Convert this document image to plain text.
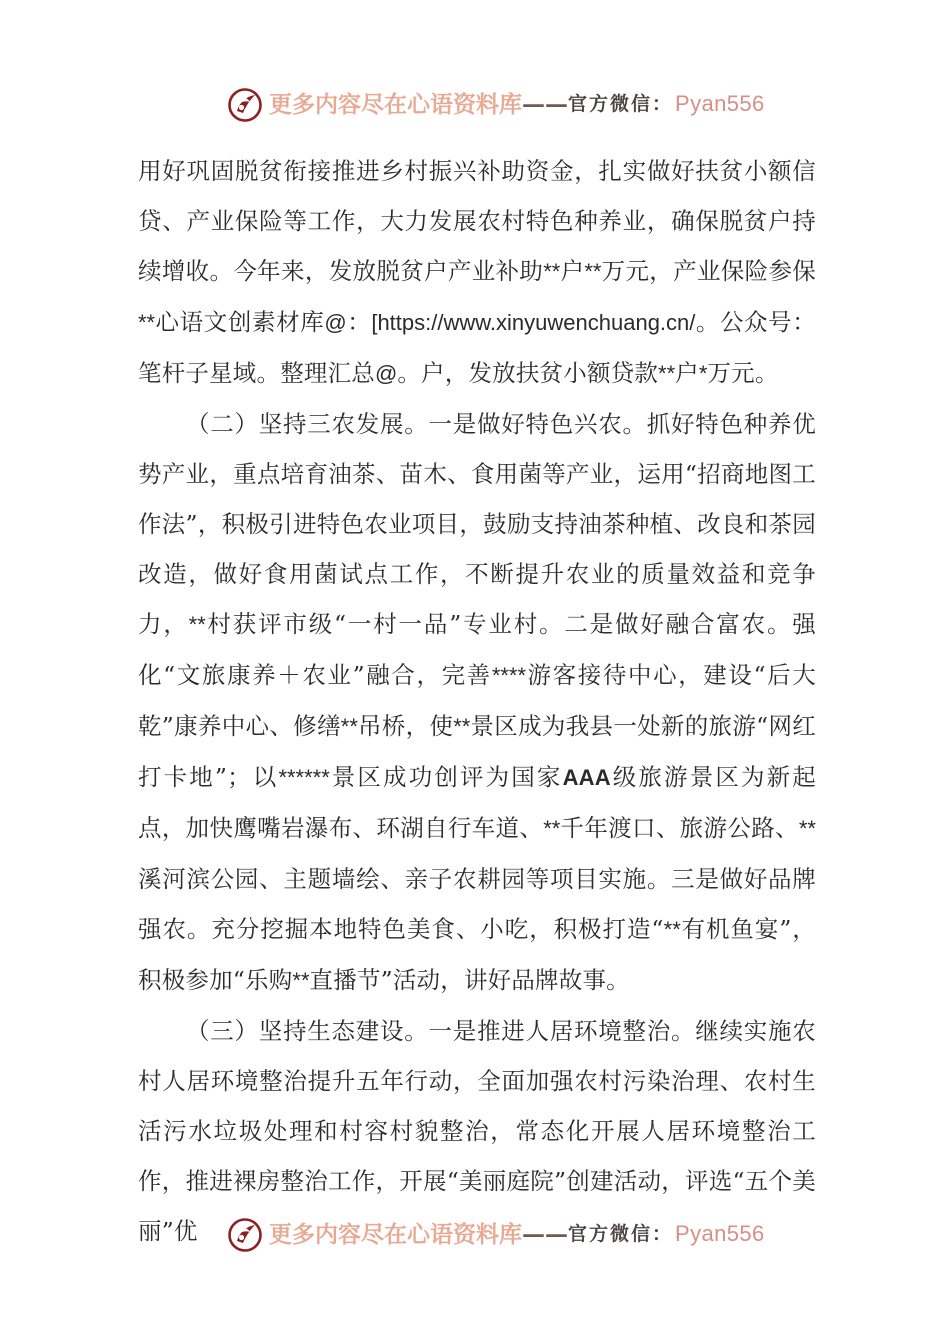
更多内容尽在心语资料库 —— 官方微信： Pyan556

用好巩固脱贫衔接推进乡村振兴补助资金，扎实做好扶贫小额信贷、产业保险等工作，大力发展农村特色种养业，确保脱贫户持续增收。今年来，发放脱贫户产业补助**户**万元，产业保险参保**心语文创素材库@：[https://www.xinyuwenchuang.cn/。公众号：笔杆子星域。整理汇总@。户，发放扶贫小额贷款**户*万元。

（二）坚持三农发展。一是做好特色兴农。抓好特色种养优势产业，重点培育油茶、苗木、食用菌等产业，运用“招商地图工作法”，积极引进特色农业项目，鼓励支持油茶种植、改良和茶园改造，做好食用菌试点工作，不断提升农业的质量效益和竞争力，**村获评市级“一村一品”专业村。二是做好融合富农。强化“文旅康养＋农业”融合，完善****游客接待中心，建设“后大乾”康养中心、修缮**吊桥，使**景区成为我县一处新的旅游“网红打卡地”；以******景区成功创评为国家AAA级旅游景区为新起点，加快鹰嘴岩瀑布、环湖自行车道、**千年渡口、旅游公路、**溪河滨公园、主题墙绘、亲子农耕园等项目实施。三是做好品牌强农。充分挖掘本地特色美食、小吃，积极打造“**有机鱼宴”，积极参加“乐购**直播节”活动，讲好品牌故事。

（三）坚持生态建设。一是推进人居环境整治。继续实施农村人居环境整治提升五年行动，全面加强农村污染治理、农村生活污水垃圾处理和村容村貌整治，常态化开展人居环境整治工作，推进裸房整治工作，开展“美丽庭院”创建活动，评选“五个美丽”优	更多内容尽在心语资料库 —— 官方微信： Pyan556
